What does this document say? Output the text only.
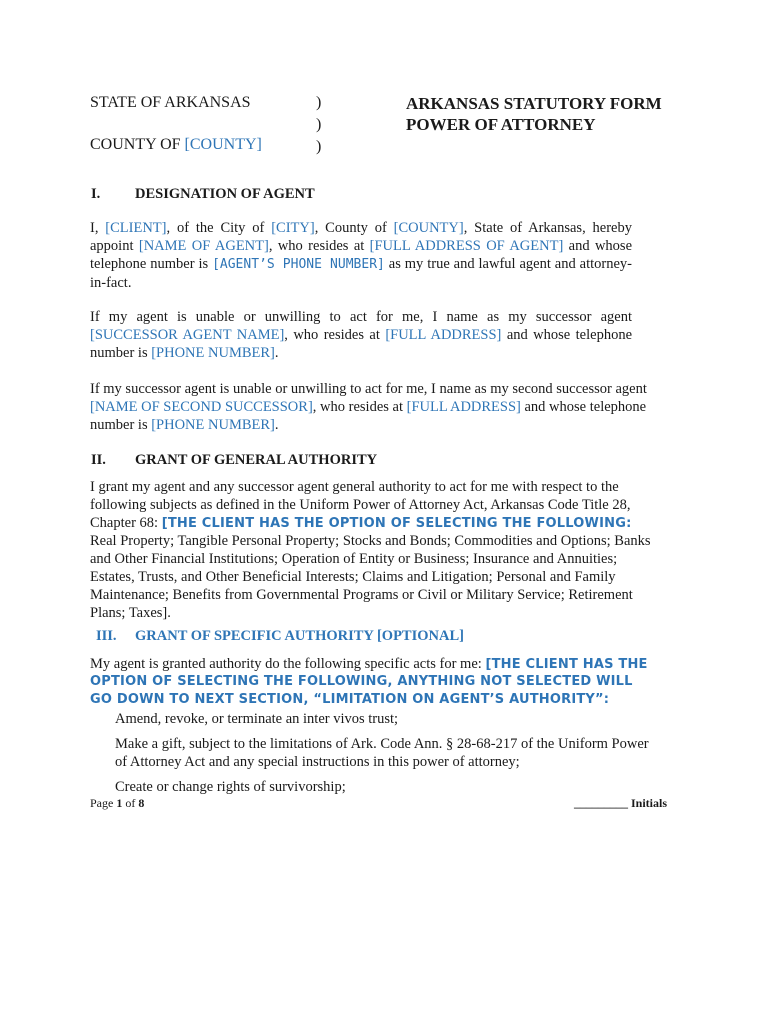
STATE OF ARKANSAS	)
)
COUNTY OF [COUNTY]	)
ARKANSAS STATUTORY FORM
POWER OF ATTORNEY
I. DESIGNATION OF AGENT
I, [CLIENT], of the City of [CITY], County of [COUNTY], State of Arkansas, hereby appoint [NAME OF AGENT], who resides at [FULL ADDRESS OF AGENT] and whose telephone number is [AGENT’S PHONE NUMBER] as my true and lawful agent and attorney-in-fact.
If my agent is unable or unwilling to act for me, I name as my successor agent [SUCCESSOR AGENT NAME], who resides at [FULL ADDRESS] and whose telephone number is [PHONE NUMBER].
If my successor agent is unable or unwilling to act for me, I name as my second successor agent [NAME OF SECOND SUCCESSOR], who resides at [FULL ADDRESS] and whose telephone number is [PHONE NUMBER].
II. GRANT OF GENERAL AUTHORITY
I grant my agent and any successor agent general authority to act for me with respect to the
following subjects as defined in the Uniform Power of Attorney Act, Arkansas Code Title 28,
Chapter 68: [THE CLIENT HAS THE OPTION OF SELECTING THE FOLLOWING:
Real Property; Tangible Personal Property; Stocks and Bonds; Commodities and Options; Banks
and Other Financial Institutions; Operation of Entity or Business; Insurance and Annuities;
Estates, Trusts, and Other Beneficial Interests; Claims and Litigation; Personal and Family
Maintenance; Benefits from Governmental Programs or Civil or Military Service; Retirement
Plans; Taxes].
III. GRANT OF SPECIFIC AUTHORITY [OPTIONAL]
My agent is granted authority do the following specific acts for me: [THE CLIENT HAS THE
OPTION OF SELECTING THE FOLLOWING, ANYTHING NOT SELECTED WILL
GO DOWN TO NEXT SECTION, “LIMITATION ON AGENT’S AUTHORITY”:
Amend, revoke, or terminate an inter vivos trust;
Make a gift, subject to the limitations of Ark. Code Ann. § 28-68-217 of the Uniform Power
of Attorney Act and any special instructions in this power of attorney;
Create or change rights of survivorship;
Page 1 of 8	_________ Initials
